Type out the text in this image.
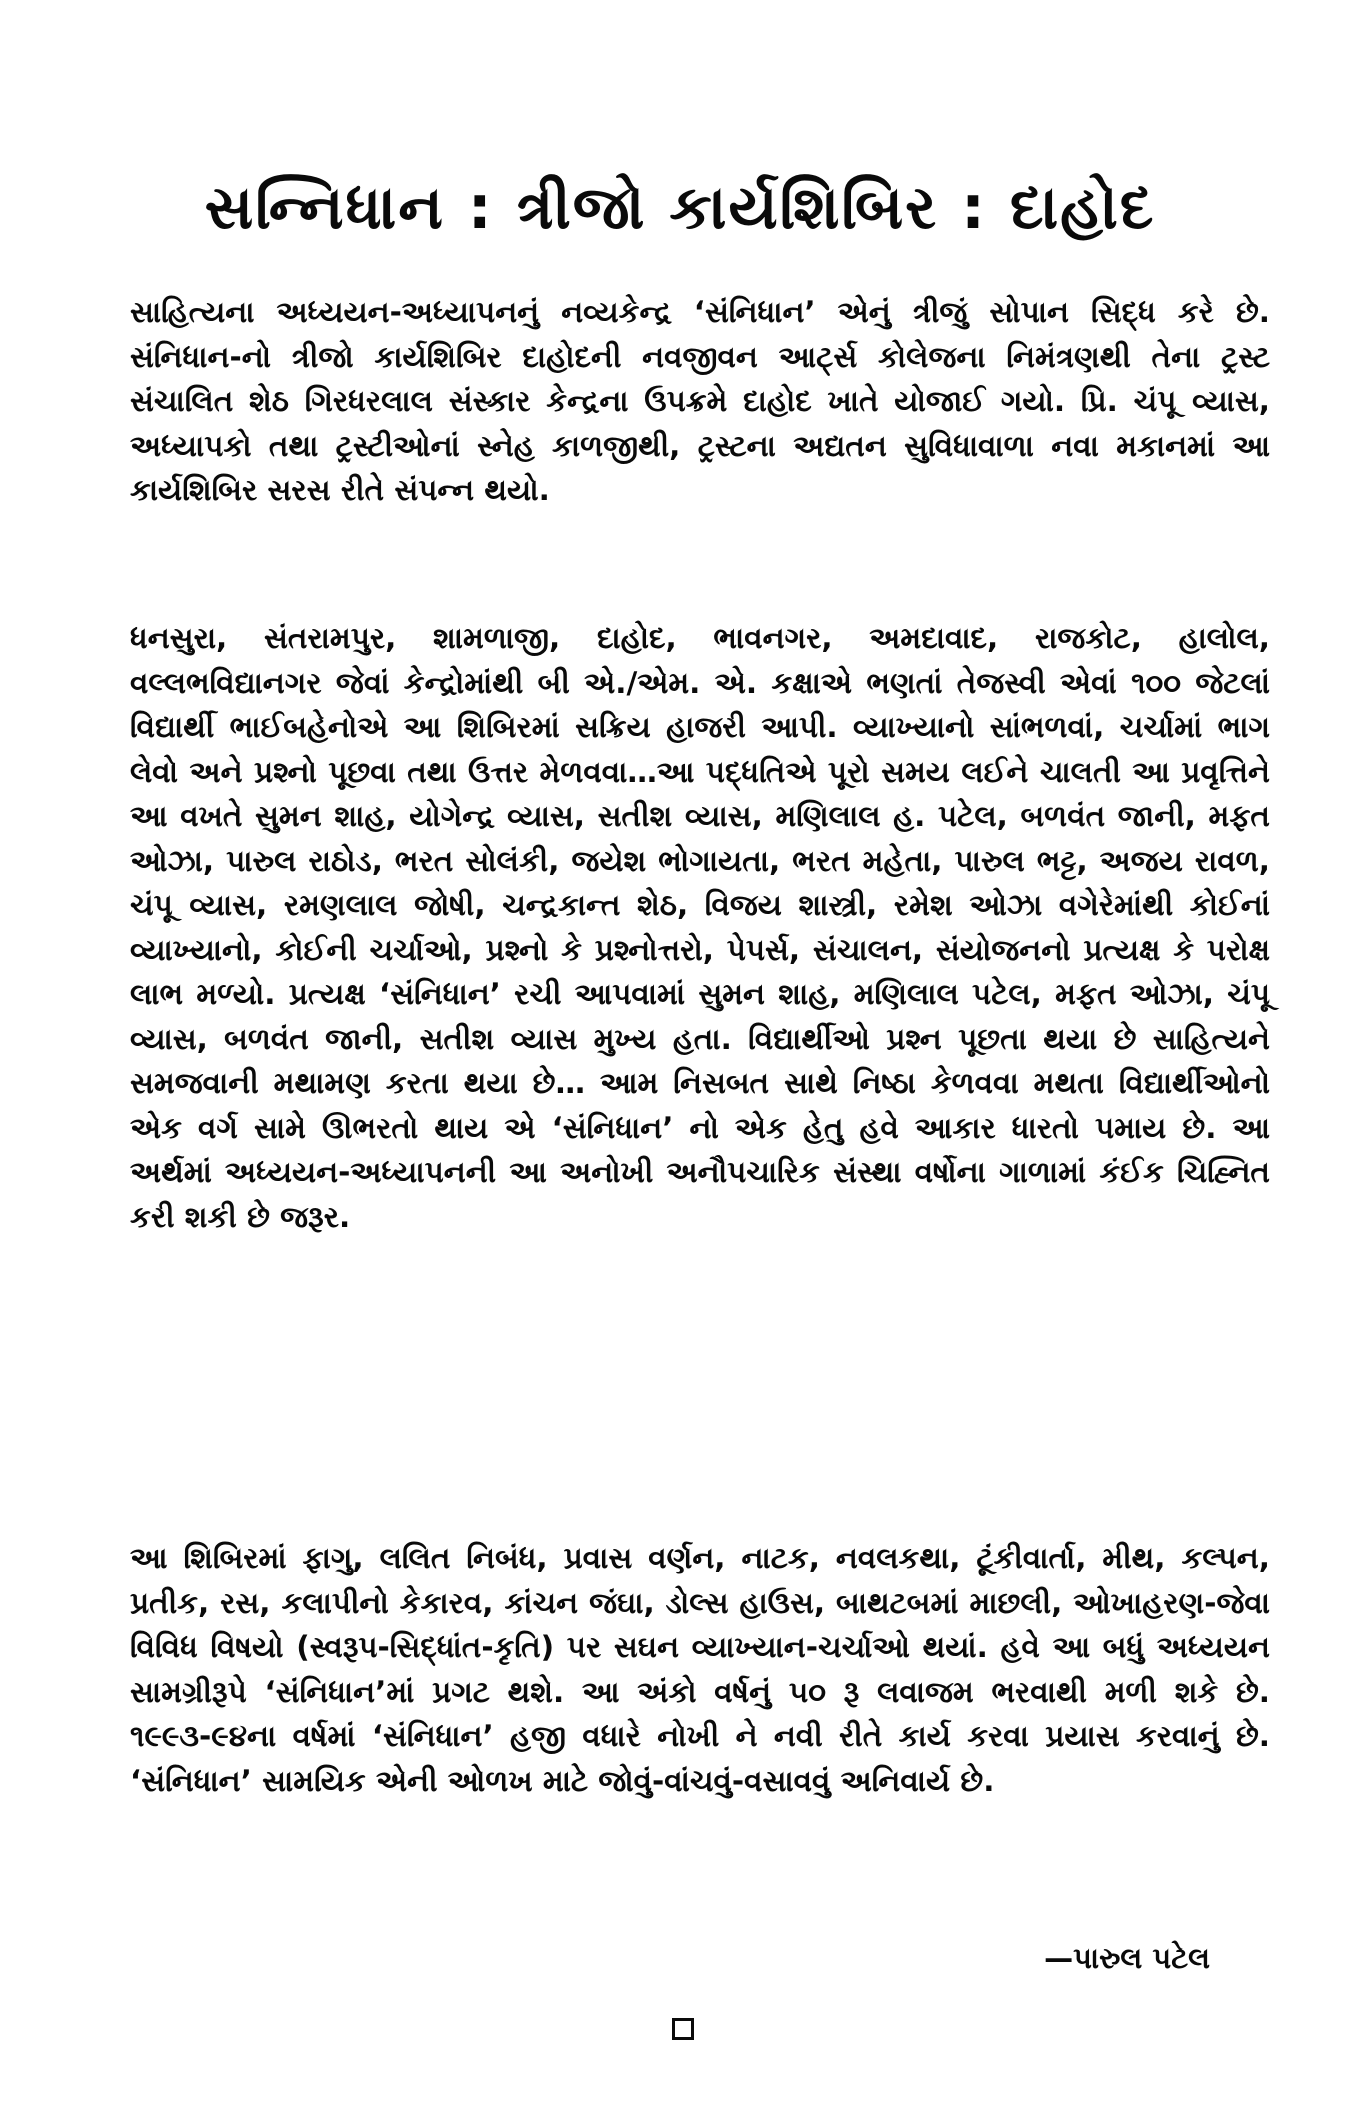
સન્નિધાન : ત્રીજો કાર્યશિબિર : દાહોદ

સાહિત્યના અધ્યયન-અધ્યાપનનું નવ્યકેન્દ્ર ‘સંનિધાન’ એનું ત્રીજું સોપાન સિદ્ધ કરે છે. સંનિધાન-નો ત્રીજો કાર્યશિબિર દાહોદની નવજીવન આર્ટ્સ કોલેજના નિમંત્રણથી તેના ટ્રસ્ટ સંચાલિત શેઠ ગિરધરલાલ સંસ્કાર કેન્દ્રના ઉપક્રમે દાહોદ ખાતે યોજાઈ ગયો. પ્રિ. ચંપૂ વ્યાસ, અધ્યાપકો તથા ટ્રસ્ટીઓનાં સ્નેહ કાળજીથી, ટ્રસ્ટના અદ્યતન સુવિધાવાળા નવા મકાનમાં આ કાર્યશિબિર સરસ રીતે સંપન્ન થયો.

ધનસુરા, સંતરામપુર, શામળાજી, દાહોદ, ભાવનગર, અમદાવાદ, રાજકોટ, હાલોલ, વલ્લભવિદ્યાનગર જેવાં કેન્દ્રોમાંથી બી એ./એમ. એ. કક્ષાએ ભણતાં તેજસ્વી એવાં ૧૦૦ જેટલાં વિદ્યાર્થી ભાઈબહેનોએ આ શિબિરમાં સક્રિય હાજરી આપી. વ્યાખ્યાનો સાંભળવાં, ચર્ચામાં ભાગ લેવો અને પ્રશ્નો પૂછવા તથા ઉત્તર મેળવવા…આ પદ્ધતિએ પૂરો સમય લઈને ચાલતી આ પ્રવૃત્તિને આ વખતે સુમન શાહ, યોગેન્દ્ર વ્યાસ, સતીશ વ્યાસ, મણિલાલ હ. પટેલ, બળવંત જાની, મફત ઓઝા, પારુલ રાઠોડ, ભરત સોલંકી, જયેશ ભોગાયતા, ભરત મહેતા, પારુલ ભટ્ટ, અજય રાવળ, ચંપૂ વ્યાસ, રમણલાલ જોષી, ચન્દ્રકાન્ત શેઠ, વિજય શાસ્ત્રી, રમેશ ઓઝા વગેરેમાંથી કોઈનાં વ્યાખ્યાનો, કોઈની ચર્ચાઓ, પ્રશ્નો કે પ્રશ્નોત્તરો, પેપર્સ, સંચાલન, સંયોજનનો પ્રત્યક્ષ કે પરોક્ષ લાભ મળ્યો. પ્રત્યક્ષ ‘સંનિધાન’ રચી આપવામાં સુમન શાહ, મણિલાલ પટેલ, મફત ઓઝા, ચંપૂ વ્યાસ, બળવંત જાની, સતીશ વ્યાસ મુખ્ય હતા. વિદ્યાર્થીઓ પ્રશ્ન પૂછતા થયા છે સાહિત્યને સમજવાની મથામણ કરતા થયા છે… આમ નિસબત સાથે નિષ્ઠા કેળવવા મથતા વિદ્યાર્થીઓનો એક વર્ગ સામે ઊભરતો થાય એ ‘સંનિધાન’ નો એક હેતુ હવે આકાર ધારતો પમાય છે. આ અર્થમાં અધ્યયન-અધ્યાપનની આ અનોખી અનૌપચારિક સંસ્થા વર્ષોના ગાળામાં કંઈક ચિહ્નિત કરી શકી છે જરૂર.

આ શિબિરમાં ફાગુ, લલિત નિબંધ, પ્રવાસ વર્ણન, નાટક, નવલકથા, ટૂંકીવાર્તા, મીથ, કલ્પન, પ્રતીક, રસ, કલાપીનો કેકારવ, કાંચન જંઘા, ડોલ્સ હાઉસ, બાથટબમાં માછલી, ઓખાહરણ-જેવા વિવિધ વિષયો (સ્વરૂપ-સિદ્ધાંત-કૃતિ) પર સઘન વ્યાખ્યાન-ચર્ચાઓ થયાં. હવે આ બધું અધ્યયન સામગ્રીરૂપે ‘સંનિધાન’માં પ્રગટ થશે. આ અંકો વર્ષનું ૫૦ રૂ લવાજમ ભરવાથી મળી શકે છે. ૧૯૯૩-૯૪ના વર્ષમાં ‘સંનિધાન’ હજી વધારે નોખી ને નવી રીતે કાર્ય કરવા પ્રયાસ કરવાનું છે. ‘સંનિધાન’ સામયિક એની ઓળખ માટે જોવું-વાંચવું-વસાવવું અનિવાર્ય છે.

—પારુલ પટેલ
